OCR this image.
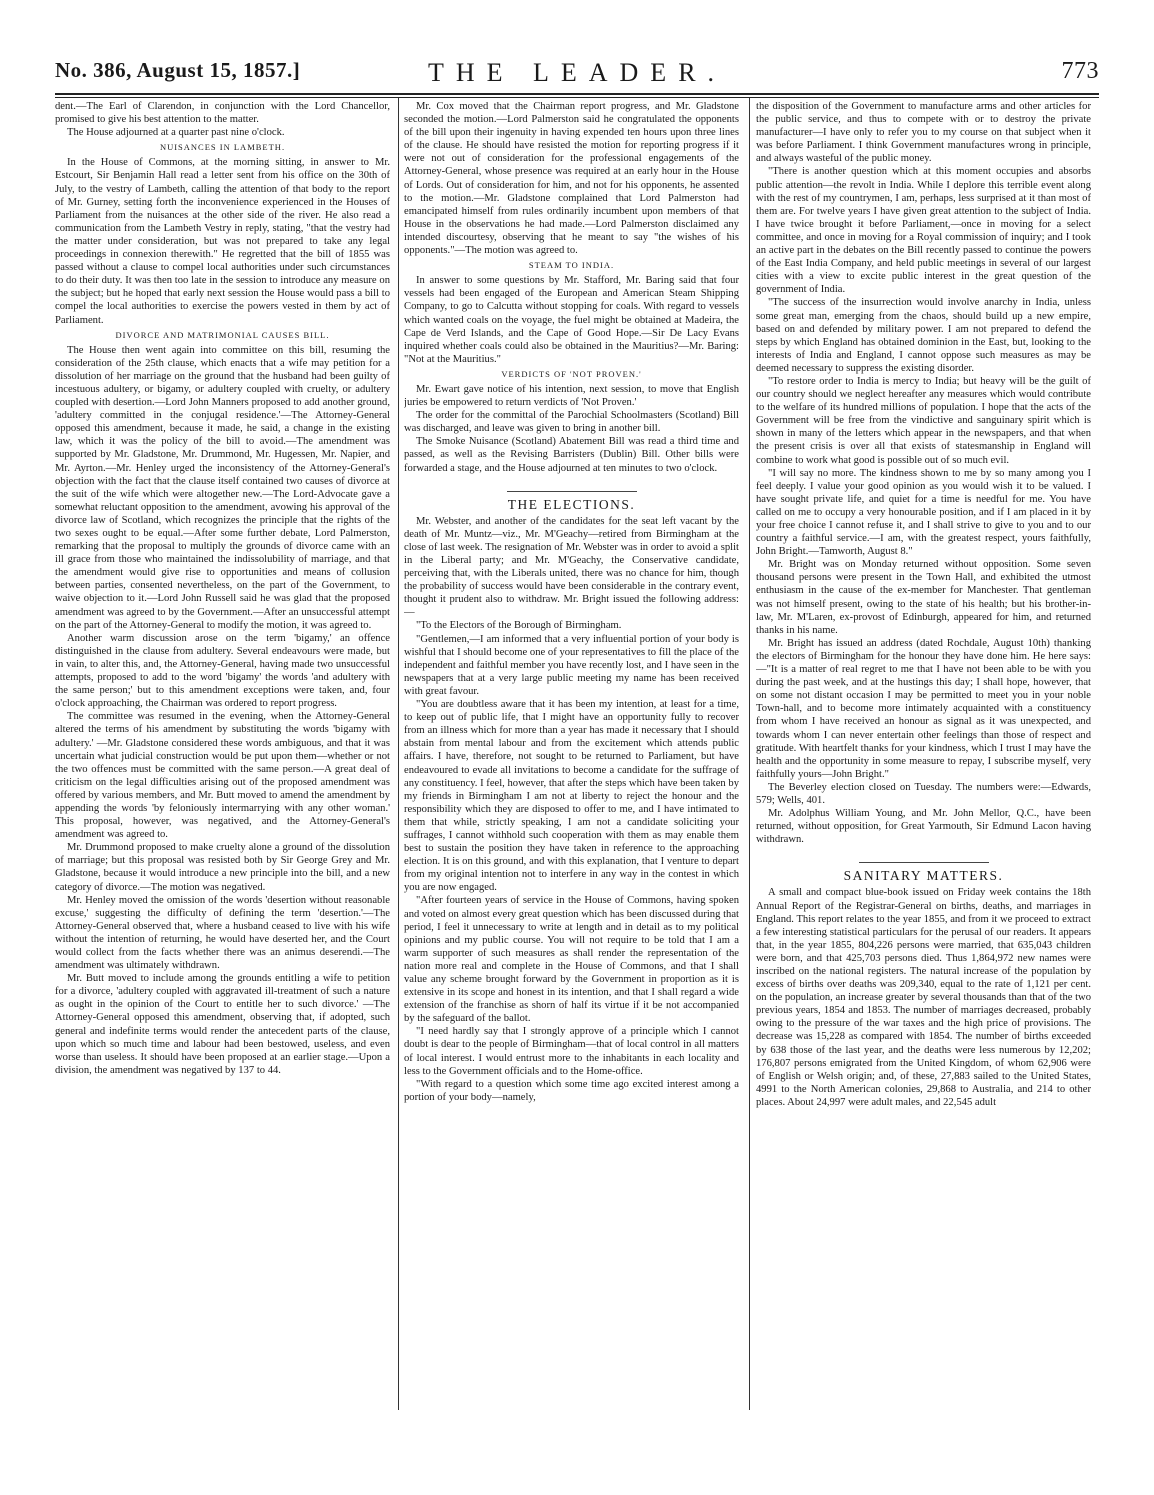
No. 386, August 15, 1857.]	THE LEADER.	773

dent.—The Earl of Clarendon, in conjunction with the Lord Chancellor, promised to give his best attention to the matter.

The House adjourned at a quarter past nine o'clock.

NUISANCES IN LAMBETH.

In the House of Commons, at the morning sitting, in answer to Mr. Estcourt, Sir Benjamin Hall read a letter sent from his office on the 30th of July, to the vestry of Lambeth, calling the attention of that body to the report of Mr. Gurney, setting forth the inconvenience experienced in the Houses of Parliament from the nuisances at the other side of the river. He also read a communication from the Lambeth Vestry in reply, stating, "that the vestry had the matter under consideration, but was not prepared to take any legal proceedings in connexion therewith." He regretted that the bill of 1855 was passed without a clause to compel local authorities under such circumstances to do their duty. It was then too late in the session to introduce any measure on the subject; but he hoped that early next session the House would pass a bill to compel the local authorities to exercise the powers vested in them by act of Parliament.

DIVORCE AND MATRIMONIAL CAUSES BILL.

The House then went again into committee on this bill, resuming the consideration of the 25th clause, which enacts that a wife may petition for a dissolution of her marriage on the ground that the husband had been guilty of incestuous adultery, or bigamy, or adultery coupled with cruelty, or adultery coupled with desertion.—Lord John Manners proposed to add another ground, 'adultery committed in the conjugal residence.'—The Attorney-General opposed this amendment, because it made, he said, a change in the existing law, which it was the policy of the bill to avoid.—The amendment was supported by Mr. Gladstone, Mr. Drummond, Mr. Hugessen, Mr. Napier, and Mr. Ayrton.—Mr. Henley urged the inconsistency of the Attorney-General's objection with the fact that the clause itself contained two causes of divorce at the suit of the wife which were altogether new.—The Lord-Advocate gave a somewhat reluctant opposition to the amendment, avowing his approval of the divorce law of Scotland, which recognizes the principle that the rights of the two sexes ought to be equal.—After some further debate, Lord Palmerston, remarking that the proposal to multiply the grounds of divorce came with an ill grace from those who maintained the indissolubility of marriage, and that the amendment would give rise to opportunities and means of collusion between parties, consented nevertheless, on the part of the Government, to waive objection to it.—Lord John Russell said he was glad that the proposed amendment was agreed to by the Government.—After an unsuccessful attempt on the part of the Attorney-General to modify the motion, it was agreed to.

Another warm discussion arose on the term 'bigamy,' an offence distinguished in the clause from adultery. Several endeavours were made, but in vain, to alter this, and, the Attorney-General, having made two unsuccessful attempts, proposed to add to the word 'bigamy' the words 'and adultery with the same person;' but to this amendment exceptions were taken, and, four o'clock approaching, the Chairman was ordered to report progress.

The committee was resumed in the evening, when the Attorney-General altered the terms of his amendment by substituting the words 'bigamy with adultery.' —Mr. Gladstone considered these words ambiguous, and that it was uncertain what judicial construction would be put upon them—whether or not the two offences must be committed with the same person.—A great deal of criticism on the legal difficulties arising out of the proposed amendment was offered by various members, and Mr. Butt moved to amend the amendment by appending the words 'by feloniously intermarrying with any other woman.' This proposal, however, was negatived, and the Attorney-General's amendment was agreed to.

Mr. Drummond proposed to make cruelty alone a ground of the dissolution of marriage; but this proposal was resisted both by Sir George Grey and Mr. Gladstone, because it would introduce a new principle into the bill, and a new category of divorce.—The motion was negatived.

Mr. Henley moved the omission of the words 'desertion without reasonable excuse,' suggesting the difficulty of defining the term 'desertion.'—The Attorney-General observed that, where a husband ceased to live with his wife without the intention of returning, he would have deserted her, and the Court would collect from the facts whether there was an animus deserendi.—The amendment was ultimately withdrawn.

Mr. Butt moved to include among the grounds entitling a wife to petition for a divorce, 'adultery coupled with aggravated ill-treatment of such a nature as ought in the opinion of the Court to entitle her to such divorce.' —The Attorney-General opposed this amendment, observing that, if adopted, such general and indefinite terms would render the antecedent parts of the clause, upon which so much time and labour had been bestowed, useless, and even worse than useless. It should have been proposed at an earlier stage.—Upon a division, the amendment was negatived by 137 to 44.

Mr. Cox moved that the Chairman report progress, and Mr. Gladstone seconded the motion.—Lord Palmerston said he congratulated the opponents of the bill upon their ingenuity in having expended ten hours upon three lines of the clause. He should have resisted the motion for reporting progress if it were not out of consideration for the professional engagements of the Attorney-General, whose presence was required at an early hour in the House of Lords. Out of consideration for him, and not for his opponents, he assented to the motion.—Mr. Gladstone complained that Lord Palmerston had emancipated himself from rules ordinarily incumbent upon members of that House in the observations he had made.—Lord Palmerston disclaimed any intended discourtesy, observing that he meant to say "the wishes of his opponents."—The motion was agreed to.

STEAM TO INDIA.

In answer to some questions by Mr. Stafford, Mr. Baring said that four vessels had been engaged of the European and American Steam Shipping Company, to go to Calcutta without stopping for coals. With regard to vessels which wanted coals on the voyage, the fuel might be obtained at Madeira, the Cape de Verd Islands, and the Cape of Good Hope.—Sir De Lacy Evans inquired whether coals could also be obtained in the Mauritius?—Mr. Baring: "Not at the Mauritius."

VERDICTS OF 'NOT PROVEN.'

Mr. Ewart gave notice of his intention, next session, to move that English juries be empowered to return verdicts of 'Not Proven.'

The order for the committal of the Parochial Schoolmasters (Scotland) Bill was discharged, and leave was given to bring in another bill.

The Smoke Nuisance (Scotland) Abatement Bill was read a third time and passed, as well as the Revising Barristers (Dublin) Bill. Other bills were forwarded a stage, and the House adjourned at ten minutes to two o'clock.

THE ELECTIONS.

Mr. Webster, and another of the candidates for the seat left vacant by the death of Mr. Muntz—viz., Mr. M'Geachy—retired from Birmingham at the close of last week. The resignation of Mr. Webster was in order to avoid a split in the Liberal party; and Mr. M'Geachy, the Conservative candidate, perceiving that, with the Liberals united, there was no chance for him, though the probability of success would have been considerable in the contrary event, thought it prudent also to withdraw. Mr. Bright issued the following address:—

"To the Electors of the Borough of Birmingham.

"Gentlemen,—I am informed that a very influential portion of your body is wishful that I should become one of your representatives to fill the place of the independent and faithful member you have recently lost, and I have seen in the newspapers that at a very large public meeting my name has been received with great favour.

"You are doubtless aware that it has been my intention, at least for a time, to keep out of public life, that I might have an opportunity fully to recover from an illness which for more than a year has made it necessary that I should abstain from mental labour and from the excitement which attends public affairs. I have, therefore, not sought to be returned to Parliament, but have endeavoured to evade all invitations to become a candidate for the suffrage of any constituency. I feel, however, that after the steps which have been taken by my friends in Birmingham I am not at liberty to reject the honour and the responsibility which they are disposed to offer to me, and I have intimated to them that while, strictly speaking, I am not a candidate soliciting your suffrages, I cannot withhold such cooperation with them as may enable them best to sustain the position they have taken in reference to the approaching election. It is on this ground, and with this explanation, that I venture to depart from my original intention not to interfere in any way in the contest in which you are now engaged.

"After fourteen years of service in the House of Commons, having spoken and voted on almost every great question which has been discussed during that period, I feel it unnecessary to write at length and in detail as to my political opinions and my public course. You will not require to be told that I am a warm supporter of such measures as shall render the representation of the nation more real and complete in the House of Commons, and that I shall value any scheme brought forward by the Government in proportion as it is extensive in its scope and honest in its intention, and that I shall regard a wide extension of the franchise as shorn of half its virtue if it be not accompanied by the safeguard of the ballot.

"I need hardly say that I strongly approve of a principle which I cannot doubt is dear to the people of Birmingham—that of local control in all matters of local interest. I would entrust more to the inhabitants in each locality and less to the Government officials and to the Home-office.

"With regard to a question which some time ago excited interest among a portion of your body—namely,

the disposition of the Government to manufacture arms and other articles for the public service, and thus to compete with or to destroy the private manufacturer—I have only to refer you to my course on that subject when it was before Parliament. I think Government manufactures wrong in principle, and always wasteful of the public money.

"There is another question which at this moment occupies and absorbs public attention—the revolt in India. While I deplore this terrible event along with the rest of my countrymen, I am, perhaps, less surprised at it than most of them are. For twelve years I have given great attention to the subject of India. I have twice brought it before Parliament,—once in moving for a select committee, and once in moving for a Royal commission of inquiry; and I took an active part in the debates on the Bill recently passed to continue the powers of the East India Company, and held public meetings in several of our largest cities with a view to excite public interest in the great question of the government of India.

"The success of the insurrection would involve anarchy in India, unless some great man, emerging from the chaos, should build up a new empire, based on and defended by military power. I am not prepared to defend the steps by which England has obtained dominion in the East, but, looking to the interests of India and England, I cannot oppose such measures as may be deemed necessary to suppress the existing disorder.

"To restore order to India is mercy to India; but heavy will be the guilt of our country should we neglect hereafter any measures which would contribute to the welfare of its hundred millions of population. I hope that the acts of the Government will be free from the vindictive and sanguinary spirit which is shown in many of the letters which appear in the newspapers, and that when the present crisis is over all that exists of statesmanship in England will combine to work what good is possible out of so much evil.

"I will say no more. The kindness shown to me by so many among you I feel deeply. I value your good opinion as you would wish it to be valued. I have sought private life, and quiet for a time is needful for me. You have called on me to occupy a very honourable position, and if I am placed in it by your free choice I cannot refuse it, and I shall strive to give to you and to our country a faithful service.—I am, with the greatest respect, yours faithfully, John Bright.—Tamworth, August 8."

Mr. Bright was on Monday returned without opposition. Some seven thousand persons were present in the Town Hall, and exhibited the utmost enthusiasm in the cause of the ex-member for Manchester. That gentleman was not himself present, owing to the state of his health; but his brother-in-law, Mr. M'Laren, ex-provost of Edinburgh, appeared for him, and returned thanks in his name.

Mr. Bright has issued an address (dated Rochdale, August 10th) thanking the electors of Birmingham for the honour they have done him. He here says:—"It is a matter of real regret to me that I have not been able to be with you during the past week, and at the hustings this day; I shall hope, however, that on some not distant occasion I may be permitted to meet you in your noble Town-hall, and to become more intimately acquainted with a constituency from whom I have received an honour as signal as it was unexpected, and towards whom I can never entertain other feelings than those of respect and gratitude. With heartfelt thanks for your kindness, which I trust I may have the health and the opportunity in some measure to repay, I subscribe myself, very faithfully yours—John Bright."

The Beverley election closed on Tuesday. The numbers were:—Edwards, 579; Wells, 401.

Mr. Adolphus William Young, and Mr. John Mellor, Q.C., have been returned, without opposition, for Great Yarmouth, Sir Edmund Lacon having withdrawn.

SANITARY MATTERS.

A small and compact blue-book issued on Friday week contains the 18th Annual Report of the Registrar-General on births, deaths, and marriages in England. This report relates to the year 1855, and from it we proceed to extract a few interesting statistical particulars for the perusal of our readers. It appears that, in the year 1855, 804,226 persons were married, that 635,043 children were born, and that 425,703 persons died. Thus 1,864,972 new names were inscribed on the national registers. The natural increase of the population by excess of births over deaths was 209,340, equal to the rate of 1,121 per cent. on the population, an increase greater by several thousands than that of the two previous years, 1854 and 1853. The number of marriages decreased, probably owing to the pressure of the war taxes and the high price of provisions. The decrease was 15,228 as compared with 1854. The number of births exceeded by 638 those of the last year, and the deaths were less numerous by 12,202; 176,807 persons emigrated from the United Kingdom, of whom 62,906 were of English or Welsh origin; and, of these, 27,883 sailed to the United States, 4991 to the North American colonies, 29,868 to Australia, and 214 to other places. About 24,997 were adult males, and 22,545 adult
